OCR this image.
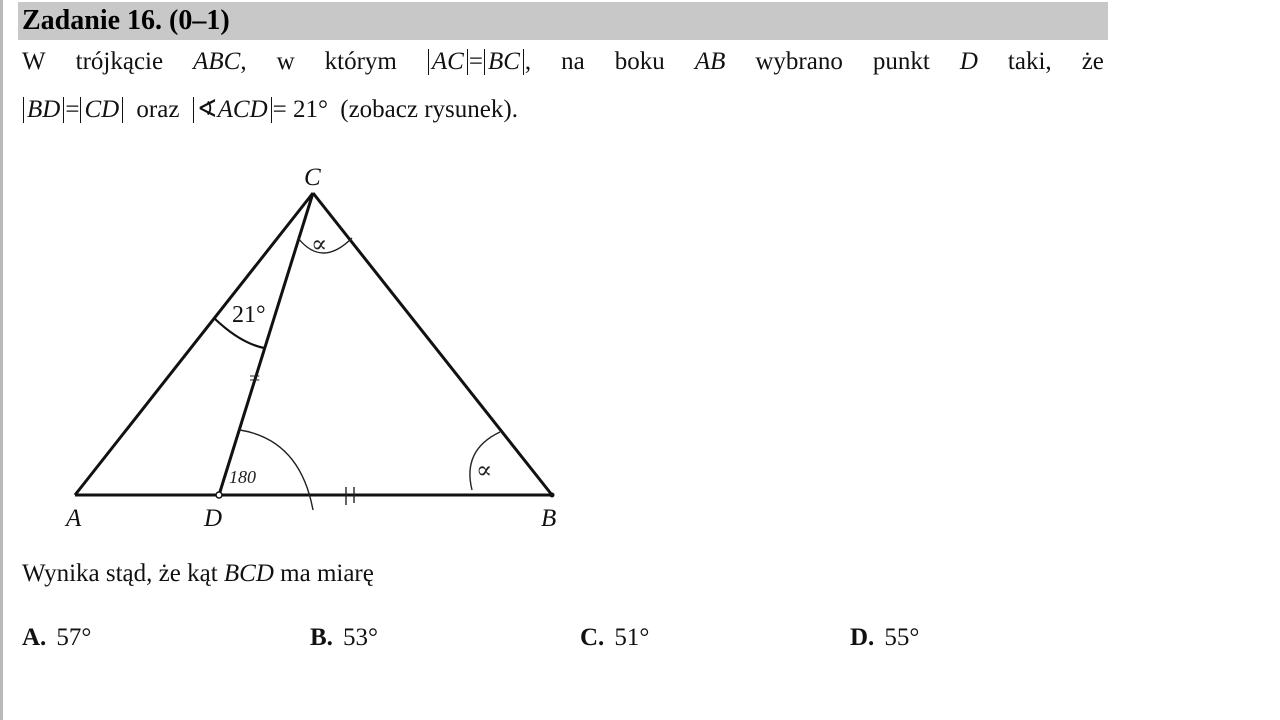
Zadanie 16. (0–1)
W trójkącie ABC, w którym AC = BC , na boku AB wybrano punkt D taki, że
BD = CD oraz ∢ACD = 21° (zobacz rysunek).
21°
∝
180	∝
=
C
A	D	B
Wynika stąd, że kąt BCD ma miarę
A. 57°	B. 53°	C. 51°	D. 55°
